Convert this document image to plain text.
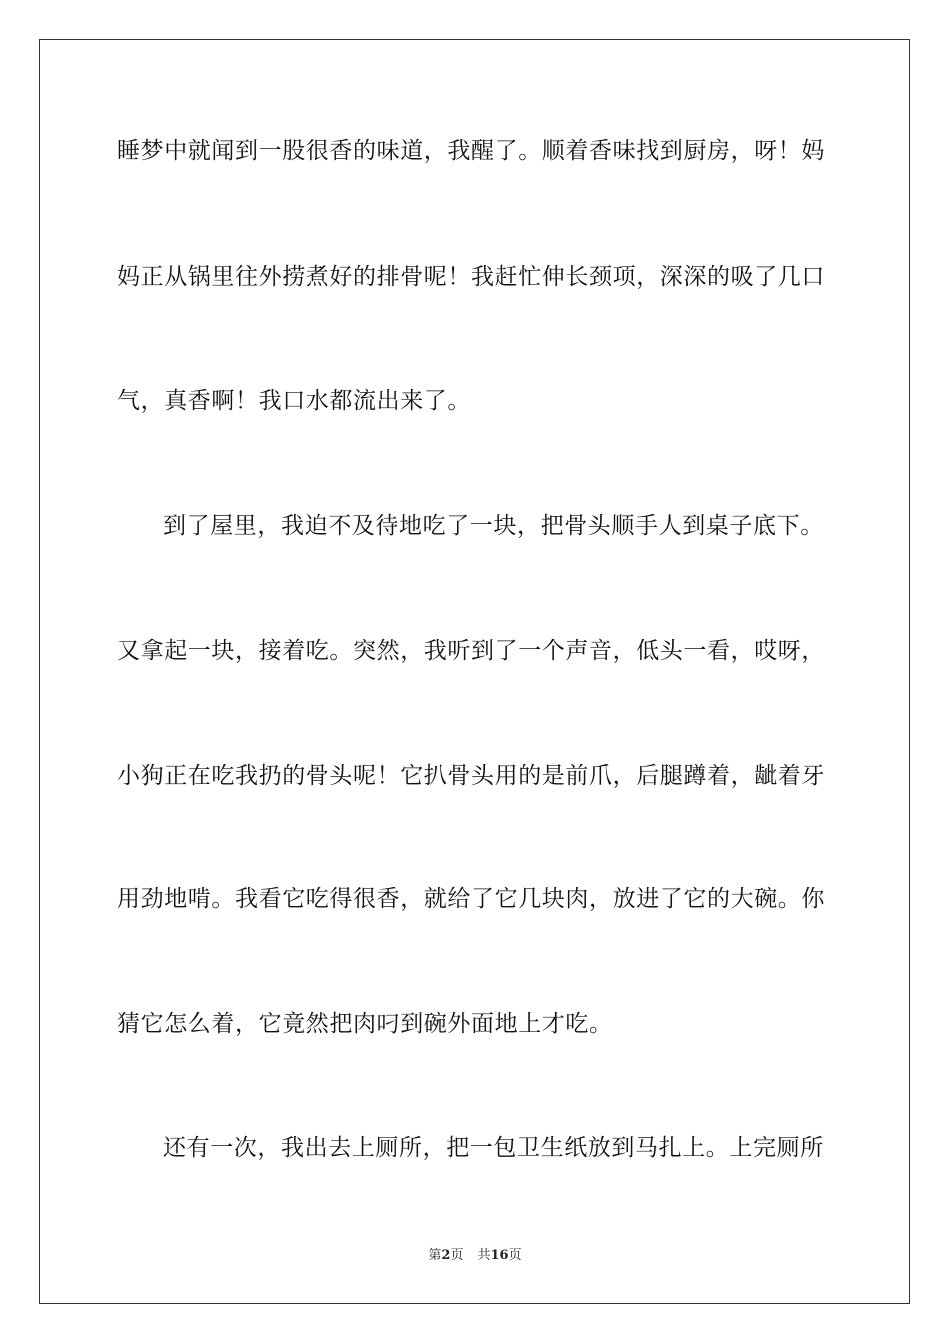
睡梦中就闻到一股很香的味道，我醒了。顺着香味找到厨房，呀！妈
妈正从锅里往外捞煮好的排骨呢！我赶忙伸长颈项，深深的吸了几口
气，真香啊！我口水都流出来了。
到了屋里，我迫不及待地吃了一块，把骨头顺手人到桌子底下。
又拿起一块，接着吃。突然，我听到了一个声音，低头一看，哎呀，
小狗正在吃我扔的骨头呢！它扒骨头用的是前爪，后腿蹲着，龇着牙
用劲地啃。我看它吃得很香，就给了它几块肉，放进了它的大碗。你
猜它怎么着，它竟然把肉叼到碗外面地上才吃。
还有一次，我出去上厕所，把一包卫生纸放到马扎上。上完厕所
第2页 共16页
